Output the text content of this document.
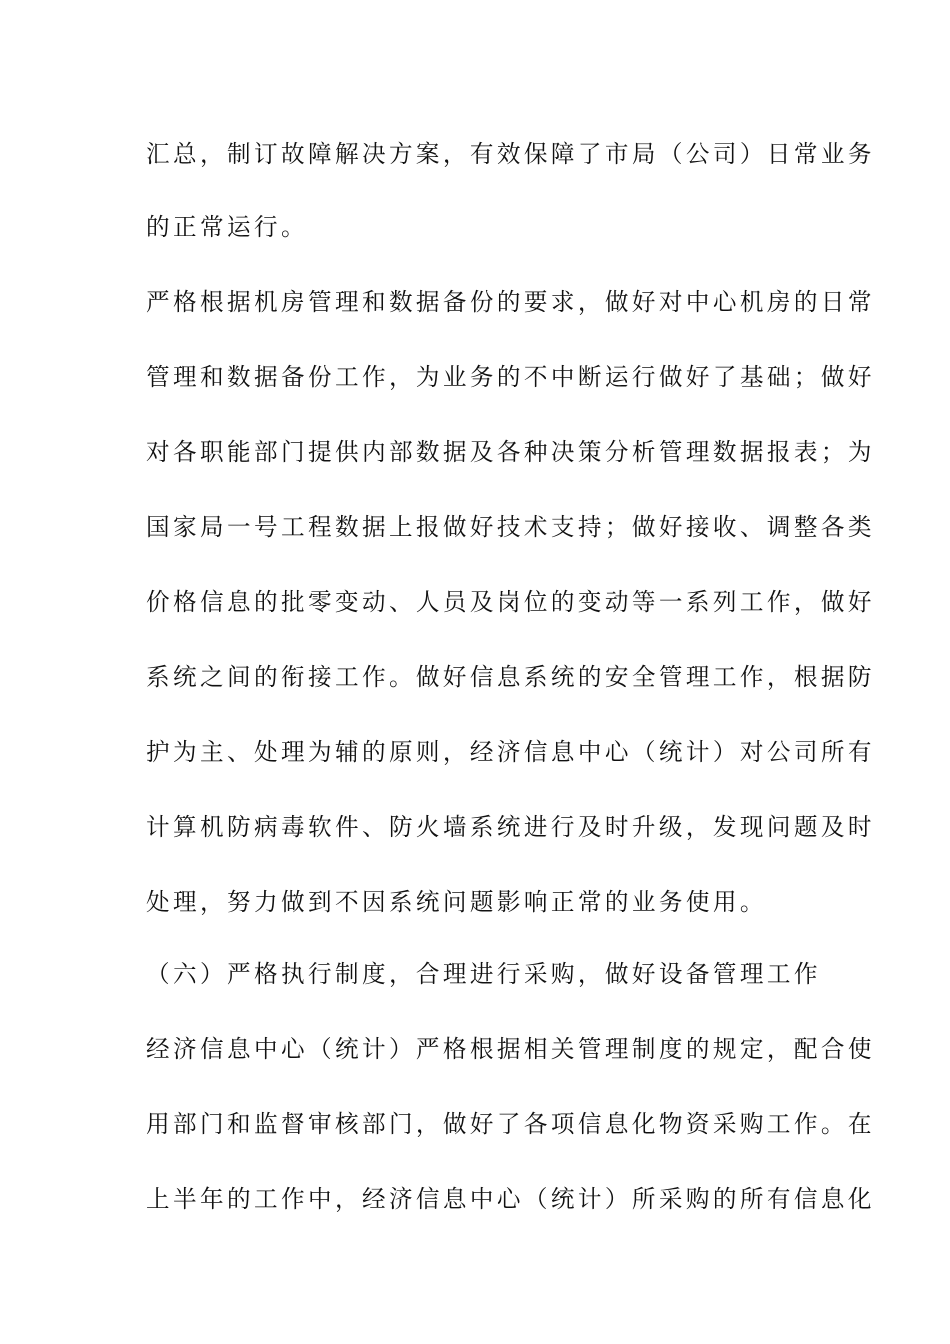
汇总，制订故障解决方案，有效保障了市局（公司）日常业务
的正常运行。
严格根据机房管理和数据备份的要求，做好对中心机房的日常
管理和数据备份工作，为业务的不中断运行做好了基础；做好
对各职能部门提供内部数据及各种决策分析管理数据报表；为
国家局一号工程数据上报做好技术支持；做好接收、调整各类
价格信息的批零变动、人员及岗位的变动等一系列工作，做好
系统之间的衔接工作。做好信息系统的安全管理工作，根据防
护为主、处理为辅的原则，经济信息中心（统计）对公司所有
计算机防病毒软件、防火墙系统进行及时升级，发现问题及时
处理，努力做到不因系统问题影响正常的业务使用。
（六）严格执行制度，合理进行采购，做好设备管理工作
经济信息中心（统计）严格根据相关管理制度的规定，配合使
用部门和监督审核部门，做好了各项信息化物资采购工作。在
上半年的工作中，经济信息中心（统计）所采购的所有信息化
